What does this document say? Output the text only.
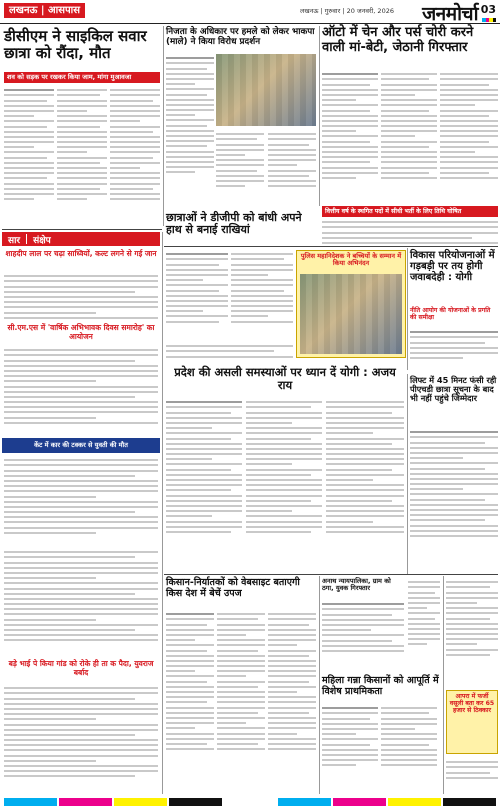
लखनऊ | आसपास	लखनऊ | गुरुवार | 20 जनवरी, 2026 जनमोर्चा 03
डीसीएम ने साइकिल सवार छात्रा को रौंदा, मौत
शव को सड़क पर रखकर किया जाम, मांगा मुआवजा
निजता के अधिकार पर हमले को लेकर भाकपा (माले) ने किया विरोध प्रदर्शन
ऑटो में चेन और पर्स चोरी करने वाली मां-बेटी, जेठानी गिरफ्तार
वित्तीय वर्ष के स्थगित पदों में सीधी भर्ती के लिए तिथि घोषित
छात्राओं ने डीजीपी को बांधी अपने हाथ से बनाई राखियां
सार	संक्षेप
शाहदीप लाल पर चढ़ा साध्वियों, कल्ट लगने से गई जान
सी.एम.एस में 'वार्षिक अभिभावक दिवस समारोह' का आयोजन
केंट में कार की टक्कर से युवती की मौत
बड़े भाई पे किया गांड को रोके ही ता क पैदा, युवराज बर्बाद
पुलिस महानिदेशक ने बच्चियों के सम्मान में किया अभिनंदन
प्रदेश की असली समस्याओं पर ध्यान दें योगी : अजय राय
विकास परियोजनाओं में गड़बड़ी पर तय होगी जवाबदेही : योगी
नीति आयोग की योजनाओं के प्रगति की समीक्षा
लिफ्ट में 45 मिनट फंसी रही पीएचडी छात्रा सूचना के बाद भी नहीं पहुंचे जिम्मेदार
किसान-निर्यातकों को वेबसाइट बताएगी किस देश में बेचें उपज
अनाथ न्यायपालिका, ग्राम को ठगा, युवक गिरफ्तार
महिला गन्ना किसानों को आपूर्ति में विशेष प्राथमिकता	आपरा में फर्जी वसूली बता कर 65 हजार से ठिक्कार
